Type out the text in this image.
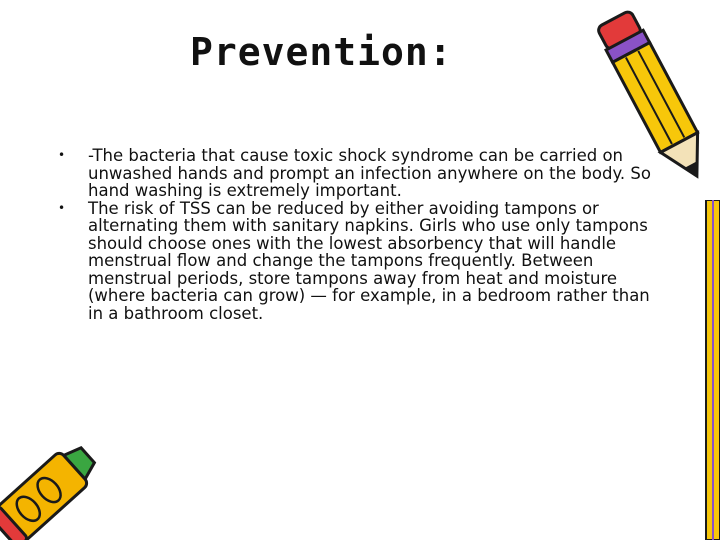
Prevention:
•	-The bacteria that cause toxic shock syndrome can be carried on unwashed hands and prompt an infection anywhere on the body. So hand washing is extremely important.
•	The risk of TSS can be reduced by either avoiding tampons or alternating them with sanitary napkins. Girls who use only tampons should choose ones with the lowest absorbency that will handle menstrual flow and change the tampons frequently. Between menstrual periods, store tampons away from heat and moisture (where bacteria can grow) — for example, in a bedroom rather than in a bathroom closet.
